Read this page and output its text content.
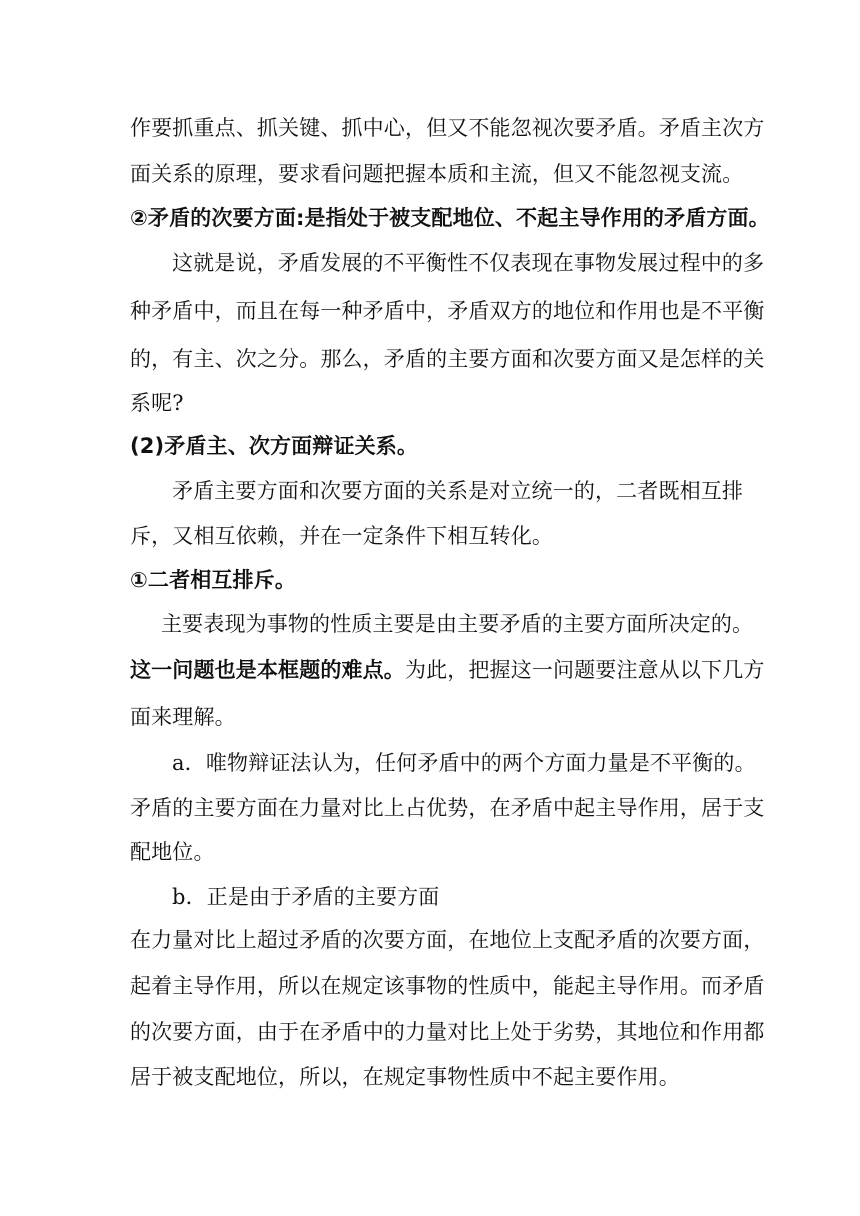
作要抓重点、抓关键、抓中心，但又不能忽视次要矛盾。矛盾主次方
面关系的原理，要求看问题把握本质和主流，但又不能忽视支流。
②矛盾的次要方面:是指处于被支配地位、不起主导作用的矛盾方面。
这就是说，矛盾发展的不平衡性不仅表现在事物发展过程中的多
种矛盾中，而且在每一种矛盾中，矛盾双方的地位和作用也是不平衡
的，有主、次之分。那么，矛盾的主要方面和次要方面又是怎样的关
系呢?
(2)矛盾主、次方面辩证关系。
矛盾主要方面和次要方面的关系是对立统一的，二者既相互排
斥，又相互依赖，并在一定条件下相互转化。
①二者相互排斥。
主要表现为事物的性质主要是由主要矛盾的主要方面所决定的。
这一问题也是本框题的难点。为此，把握这一问题要注意从以下几方
面来理解。
a．唯物辩证法认为，任何矛盾中的两个方面力量是不平衡的。
矛盾的主要方面在力量对比上占优势，在矛盾中起主导作用，居于支
配地位。
b．正是由于矛盾的主要方面
在力量对比上超过矛盾的次要方面，在地位上支配矛盾的次要方面，
起着主导作用，所以在规定该事物的性质中，能起主导作用。而矛盾
的次要方面，由于在矛盾中的力量对比上处于劣势，其地位和作用都
居于被支配地位，所以，在规定事物性质中不起主要作用。
